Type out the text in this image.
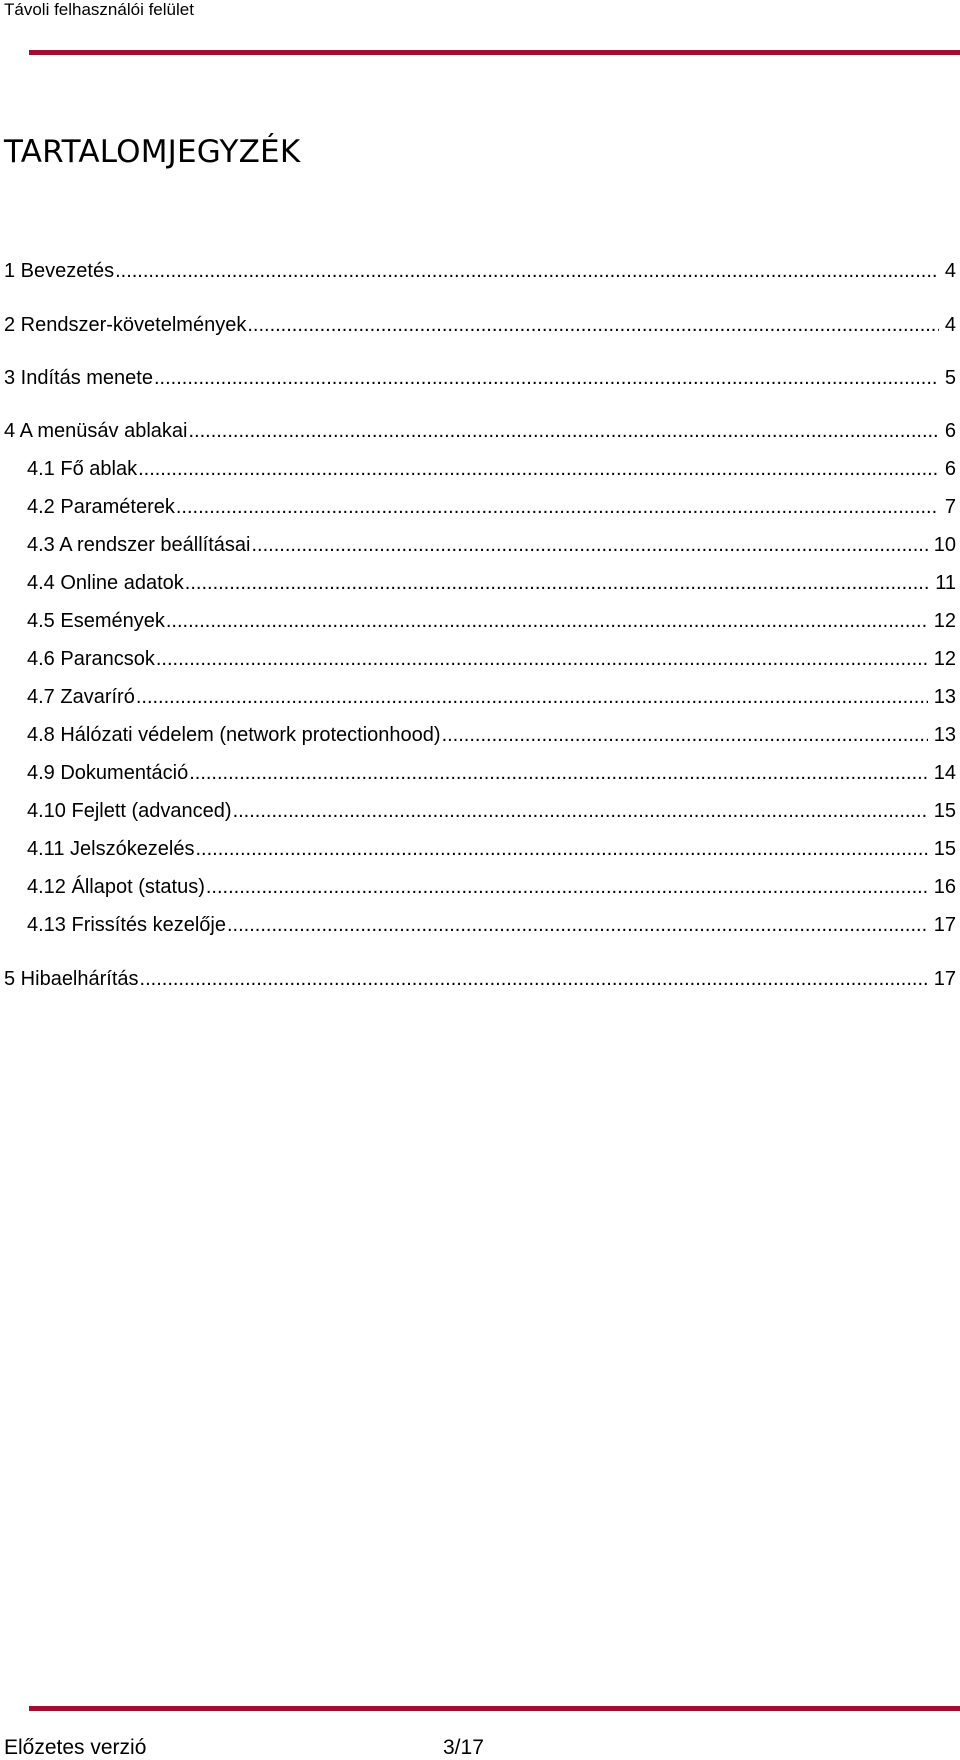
Távoli felhasználói felület
TARTALOMJEGYZÉK
1 Bevezetés .....	4
2 Rendszer-követelmények .....	4
3 Indítás menete .....	5
4 A menüsáv ablakai .....	6
4.1 Fő ablak .....	6
4.2 Paraméterek .....	7
4.3 A rendszer beállításai .....	10
4.4 Online adatok .....	11
4.5 Események .....	12
4.6 Parancsok .....	12
4.7 Zavaríró .....	13
4.8 Hálózati védelem (network protectionhood) .....	13
4.9 Dokumentáció .....	14
4.10 Fejlett (advanced) .....	15
4.11 Jelszókezelés .....	15
4.12 Állapot (status) .....	16
4.13 Frissítés kezelője .....	17
5 Hibaelhárítás .....	17
Előzetes verzió	3/17
